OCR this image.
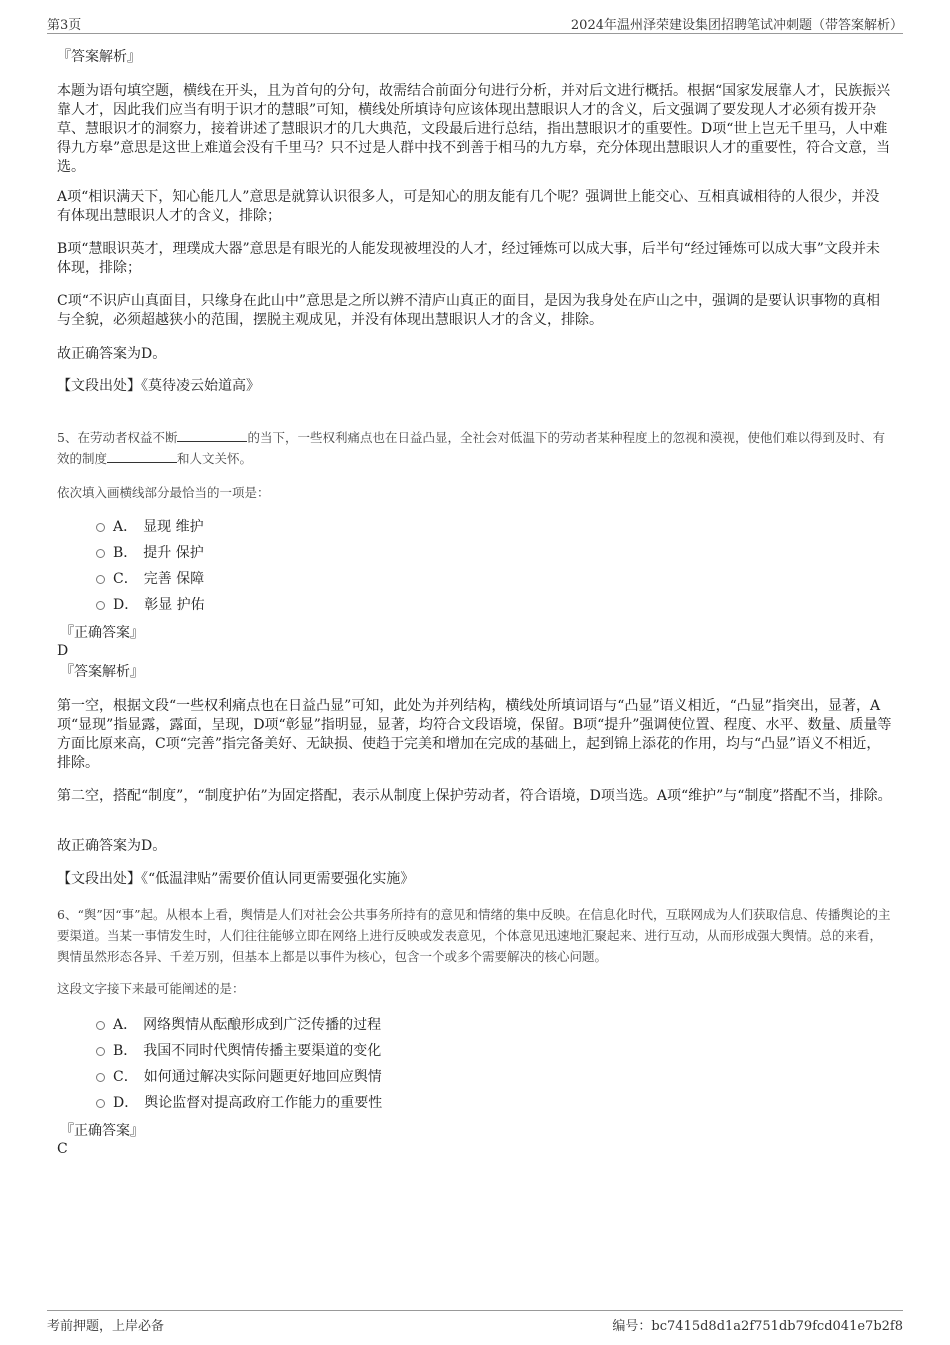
第3页	2024年温州泽荣建设集团招聘笔试冲刺题（带答案解析）
『答案解析』
本题为语句填空题，横线在开头，且为首句的分句，故需结合前面分句进行分析，并对后文进行概括。根据“国家发展靠人才，民族振兴靠人才，因此我们应当有明于识才的慧眼”可知，横线处所填诗句应该体现出慧眼识人才的含义，后文强调了要发现人才必须有拨开杂草、慧眼识才的洞察力，接着讲述了慧眼识才的几大典范，文段最后进行总结，指出慧眼识才的重要性。D项“世上岂无千里马，人中难得九方皋”意思是这世上难道会没有千里马？只不过是人群中找不到善于相马的九方皋，充分体现出慧眼识人才的重要性，符合文意，当选。
A项“相识满天下，知心能几人”意思是就算认识很多人，可是知心的朋友能有几个呢？强调世上能交心、互相真诚相待的人很少，并没有体现出慧眼识人才的含义，排除；
B项“慧眼识英才，理璞成大器”意思是有眼光的人能发现被埋没的人才，经过锤炼可以成大事，后半句“经过锤炼可以成大事”文段并未体现，排除；
C项“不识庐山真面目，只缘身在此山中”意思是之所以辨不清庐山真正的面目，是因为我身处在庐山之中，强调的是要认识事物的真相与全貌，必须超越狭小的范围，摆脱主观成见，并没有体现出慧眼识人才的含义，排除。
故正确答案为D。
【文段出处】《莫待凌云始道高》
5、在劳动者权益不断	的当下，一些权利痛点也在日益凸显，全社会对低温下的劳动者某种程度上的忽视和漠视，使他们难以得到及时、有效的制度	和人文关怀。
依次填入画横线部分最恰当的一项是：
A． 显现 维护
B． 提升 保护
C． 完善 保障
D． 彰显 护佑
『正确答案』
D
『答案解析』
第一空，根据文段“一些权利痛点也在日益凸显”可知，此处为并列结构，横线处所填词语与“凸显”语义相近，“凸显”指突出，显著，A项“显现”指显露，露面，呈现，D项“彰显”指明显，显著，均符合文段语境，保留。B项“提升”强调使位置、程度、水平、数量、质量等方面比原来高，C项“完善”指完备美好、无缺损、使趋于完美和增加在完成的基础上，起到锦上添花的作用，均与“凸显”语义不相近，排除。
第二空，搭配“制度”，“制度护佑”为固定搭配，表示从制度上保护劳动者，符合语境，D项当选。A项“维护”与“制度”搭配不当，排除。
故正确答案为D。
【文段出处】《“低温津贴”需要价值认同更需要强化实施》
6、“舆”因“事”起。从根本上看，舆情是人们对社会公共事务所持有的意见和情绪的集中反映。在信息化时代，互联网成为人们获取信息、传播舆论的主要渠道。当某一事情发生时，人们往往能够立即在网络上进行反映或发表意见，个体意见迅速地汇聚起来、进行互动，从而形成强大舆情。总的来看，舆情虽然形态各异、千差万别，但基本上都是以事件为核心，包含一个或多个需要解决的核心问题。
这段文字接下来最可能阐述的是：
A． 网络舆情从酝酿形成到广泛传播的过程
B． 我国不同时代舆情传播主要渠道的变化
C． 如何通过解决实际问题更好地回应舆情
D． 舆论监督对提高政府工作能力的重要性
『正确答案』
C
考前押题，上岸必备	编号：bc7415d8d1a2f751db79fcd041e7b2f8
